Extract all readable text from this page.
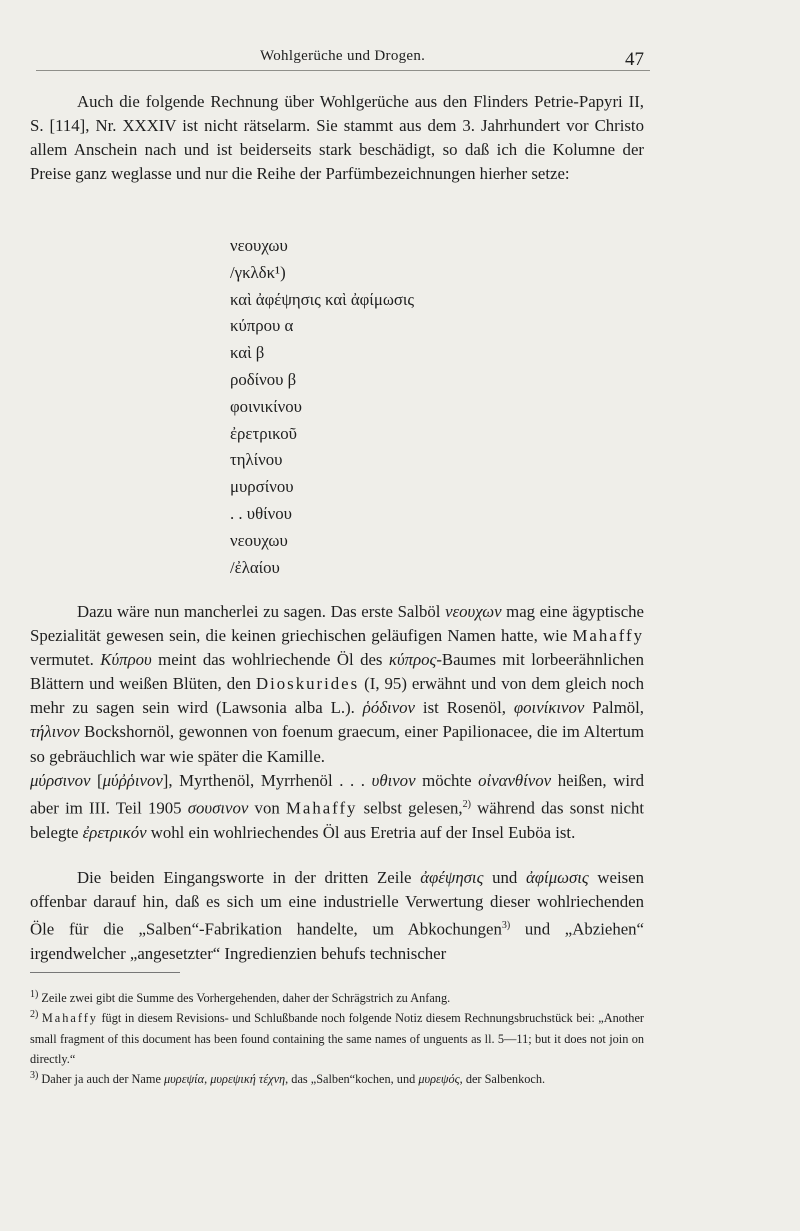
Wohlgerüche und Drogen.	47

Auch die folgende Rechnung über Wohlgerüche aus den Flinders Petrie-Papyri II, S. [114], Nr. XXXIV ist nicht rätselarm. Sie stammt aus dem 3. Jahrhundert vor Christo allem Anschein nach und ist beiderseits stark beschädigt, so daß ich die Kolumne der Preise ganz weglasse und nur die Reihe der Parfümbezeichnungen hierher setze:

νεουχωυ
/γκλδκ¹)
καὶ ἀφέψησις καὶ ἀφίμωσις
κύπρου α
καὶ β
ροδίνου β
φοινικίνου
ἐρετρικοῦ
τηλίνου
μυρσίνου
. . υθίνου
νεουχωυ
/ἐλαίου

Dazu wäre nun mancherlei zu sagen. Das erste Salböl νεουχων mag eine ägyptische Spezialität gewesen sein, die keinen griechischen geläufigen Namen hatte, wie Mahaffy vermutet. Κύπρου meint das wohlriechende Öl des κύπρος-Baumes mit lorbeerähnlichen Blättern und weißen Blüten, den Dioskurides (I, 95) erwähnt und von dem gleich noch mehr zu sagen sein wird (Lawsonia alba L.). ῥόδινον ist Rosenöl, φοινίκινον Palmöl, τήλινον Bockshornöl, gewonnen von foenum graecum, einer Papilionacee, die im Altertum so gebräuchlich war wie später die Kamille.

μύρσινον [μύῤῥινον], Myrthenöl, Myrrhenöl . . . υθινον möchte οἰνανθίνον heißen, wird aber im III. Teil 1905 σουσινον von Mahaffy selbst gelesen,$^{2)}$ während das sonst nicht belegte ἐρετρικόν wohl ein wohlriechendes Öl aus Eretria auf der Insel Euböa ist.

Die beiden Eingangsworte in der dritten Zeile ἀφέψησις und ἀφίμωσις weisen offenbar darauf hin, daß es sich um eine industrielle Verwertung dieser wohlriechenden Öle für die „Salben“-Fabrikation handelte, um Abkochungen$^{3)}$ und „Abziehen“ irgendwelcher „angesetzter“ Ingredienzien behufs technischer

$^{1)}$ Zeile zwei gibt die Summe des Vorhergehenden, daher der Schrägstrich zu Anfang.

$^{2)}$ Mahaffy fügt in diesem Revisions- und Schlußbande noch folgende Notiz diesem Rechnungsbruchstück bei: „Another small fragment of this document has been found containing the same names of unguents as ll. 5—11; but it does not join on directly.“

$^{3)}$ Daher ja auch der Name μυρεψία, μυρεψική τέχνη, das „Salben“kochen, und μυρεψός, der Salbenkoch.
